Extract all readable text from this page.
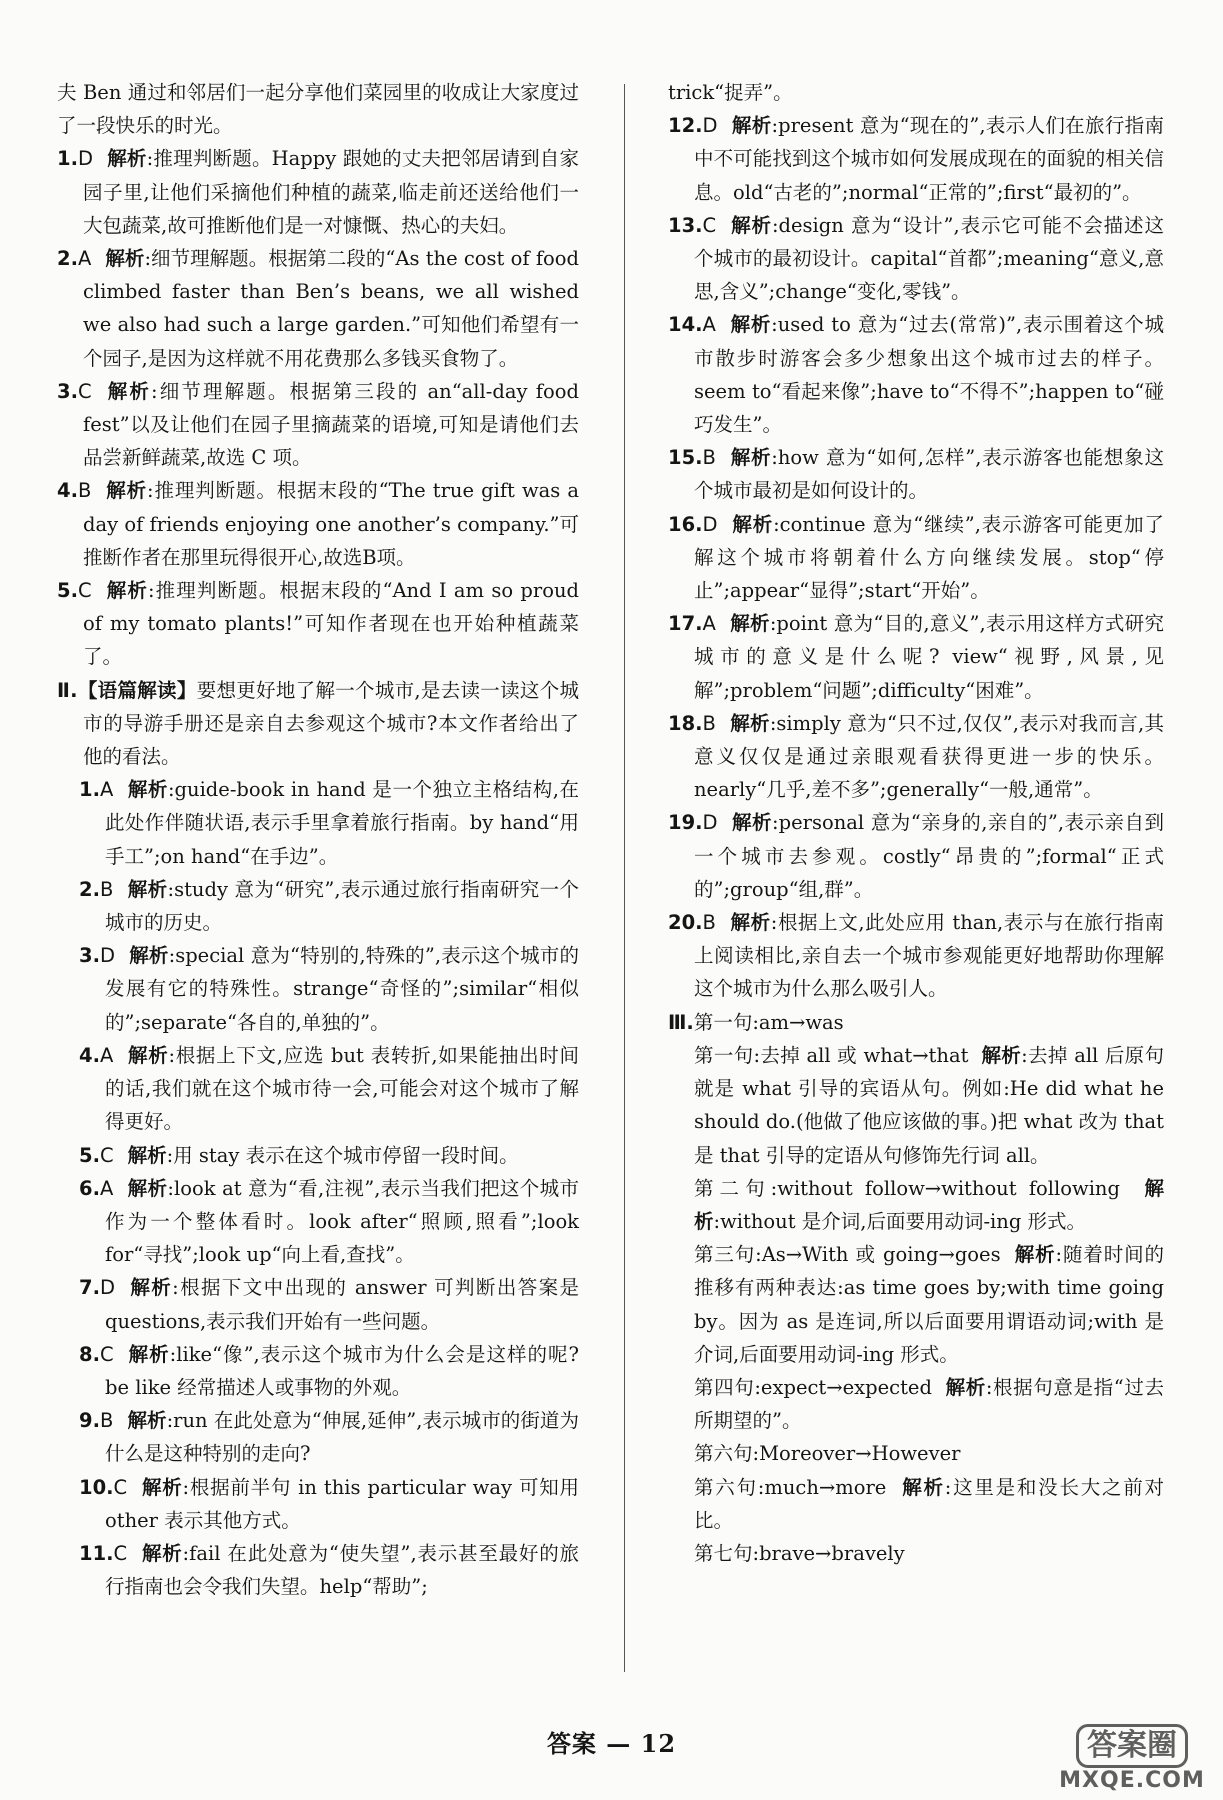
夫 Ben 通过和邻居们一起分享他们菜园里的收成让大家度过了一段快乐的时光。

1.D 解析:推理判断题。Happy 跟她的丈夫把邻居请到自家园子里,让他们采摘他们种植的蔬菜,临走前还送给他们一大包蔬菜,故可推断他们是一对慷慨、热心的夫妇。

2.A 解析:细节理解题。根据第二段的“As the cost of food climbed faster than Ben’s beans, we all wished we also had such a large garden.”可知他们希望有一个园子,是因为这样就不用花费那么多钱买食物了。

3.C 解析:细节理解题。根据第三段的 an“all-day food fest”以及让他们在园子里摘蔬菜的语境,可知是请他们去品尝新鲜蔬菜,故选 C 项。

4.B 解析:推理判断题。根据末段的“The true gift was a day of friends enjoying one another’s company.”可推断作者在那里玩得很开心,故选B项。

5.C 解析:推理判断题。根据末段的“And I am so proud of my tomato plants!”可知作者现在也开始种植蔬菜了。

Ⅱ.【语篇解读】要想更好地了解一个城市,是去读一读这个城市的导游手册还是亲自去参观这个城市?本文作者给出了他的看法。

1.A 解析:guide-book in hand 是一个独立主格结构,在此处作伴随状语,表示手里拿着旅行指南。by hand“用手工”;on hand“在手边”。

2.B 解析:study 意为“研究”,表示通过旅行指南研究一个城市的历史。

3.D 解析:special 意为“特别的,特殊的”,表示这个城市的发展有它的特殊性。strange“奇怪的”;similar“相似的”;separate“各自的,单独的”。

4.A 解析:根据上下文,应选 but 表转折,如果能抽出时间的话,我们就在这个城市待一会,可能会对这个城市了解得更好。

5.C 解析:用 stay 表示在这个城市停留一段时间。

6.A 解析:look at 意为“看,注视”,表示当我们把这个城市作为一个整体看时。look after“照顾,照看”;look for“寻找”;look up“向上看,查找”。

7.D 解析:根据下文中出现的 answer 可判断出答案是 questions,表示我们开始有一些问题。

8.C 解析:like“像”,表示这个城市为什么会是这样的呢? be like 经常描述人或事物的外观。

9.B 解析:run 在此处意为“伸展,延伸”,表示城市的街道为什么是这种特别的走向?

10.C 解析:根据前半句 in this particular way 可知用 other 表示其他方式。

11.C 解析:fail 在此处意为“使失望”,表示甚至最好的旅行指南也会令我们失望。help“帮助”;

trick“捉弄”。

12.D 解析:present 意为“现在的”,表示人们在旅行指南中不可能找到这个城市如何发展成现在的面貌的相关信息。old“古老的”;normal“正常的”;first“最初的”。

13.C 解析:design 意为“设计”,表示它可能不会描述这个城市的最初设计。capital“首都”;meaning“意义,意思,含义”;change“变化,零钱”。

14.A 解析:used to 意为“过去(常常)”,表示围着这个城市散步时游客会多少想象出这个城市过去的样子。seem to“看起来像”;have to“不得不”;happen to“碰巧发生”。

15.B 解析:how 意为“如何,怎样”,表示游客也能想象这个城市最初是如何设计的。

16.D 解析:continue 意为“继续”,表示游客可能更加了解这个城市将朝着什么方向继续发展。stop“停止”;appear“显得”;start“开始”。

17.A 解析:point 意为“目的,意义”,表示用这样方式研究城市的意义是什么呢? view“视野,风景,见解”;problem“问题”;difficulty“困难”。

18.B 解析:simply 意为“只不过,仅仅”,表示对我而言,其意义仅仅是通过亲眼观看获得更进一步的快乐。nearly“几乎,差不多”;generally“一般,通常”。

19.D 解析:personal 意为“亲身的,亲自的”,表示亲自到一个城市去参观。costly“昂贵的”;formal“正式的”;group“组,群”。

20.B 解析:根据上文,此处应用 than,表示与在旅行指南上阅读相比,亲自去一个城市参观能更好地帮助你理解这个城市为什么那么吸引人。

Ⅲ.第一句:am→was

第一句:去掉 all 或 what→that 解析:去掉 all 后原句就是 what 引导的宾语从句。例如:He did what he should do.(他做了他应该做的事。)把 what 改为 that 是 that 引导的定语从句修饰先行词 all。

第二句:without follow→without following 解析:without 是介词,后面要用动词-ing 形式。

第三句:As→With 或 going→goes 解析:随着时间的推移有两种表达:as time goes by;with time going by。因为 as 是连词,所以后面要用谓语动词;with 是介词,后面要用动词-ing 形式。

第四句:expect→expected 解析:根据句意是指“过去所期望的”。

第六句:Moreover→However

第六句:much→more 解析:这里是和没长大之前对比。

第七句:brave→bravely

答案 — 12	答案圈
MXQE.COM
